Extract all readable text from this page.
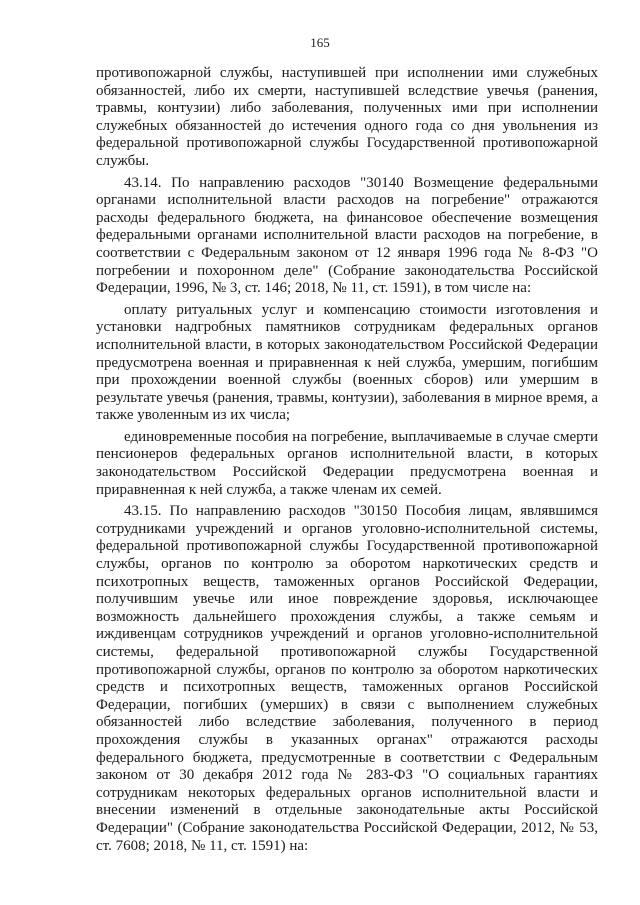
165

противопожарной службы, наступившей при исполнении ими служебных обязанностей, либо их смерти, наступившей вследствие увечья (ранения, травмы, контузии) либо заболевания, полученных ими при исполнении служебных обязанностей до истечения одного года со дня увольнения из федеральной противопожарной службы Государственной противопожарной службы.

43.14. По направлению расходов "30140 Возмещение федеральными органами исполнительной власти расходов на погребение" отражаются расходы федерального бюджета, на финансовое обеспечение возмещения федеральными органами исполнительной власти расходов на погребение, в соответствии с Федеральным законом от 12 января 1996 года № 8-ФЗ "О погребении и похоронном деле" (Собрание законодательства Российской Федерации, 1996, № 3, ст. 146; 2018, № 11, ст. 1591), в том числе на:

оплату ритуальных услуг и компенсацию стоимости изготовления и установки надгробных памятников сотрудникам федеральных органов исполнительной власти, в которых законодательством Российской Федерации предусмотрена военная и приравненная к ней служба, умершим, погибшим при прохождении военной службы (военных сборов) или умершим в результате увечья (ранения, травмы, контузии), заболевания в мирное время, а также уволенным из их числа;

единовременные пособия на погребение, выплачиваемые в случае смерти пенсионеров федеральных органов исполнительной власти, в которых законодательством Российской Федерации предусмотрена военная и приравненная к ней служба, а также членам их семей.

43.15. По направлению расходов "30150 Пособия лицам, являвшимся сотрудниками учреждений и органов уголовно-исполнительной системы, федеральной противопожарной службы Государственной противопожарной службы, органов по контролю за оборотом наркотических средств и психотропных веществ, таможенных органов Российской Федерации, получившим увечье или иное повреждение здоровья, исключающее возможность дальнейшего прохождения службы, а также семьям и иждивенцам сотрудников учреждений и органов уголовно-исполнительной системы, федеральной противопожарной службы Государственной противопожарной службы, органов по контролю за оборотом наркотических средств и психотропных веществ, таможенных органов Российской Федерации, погибших (умерших) в связи с выполнением служебных обязанностей либо вследствие заболевания, полученного в период прохождения службы в указанных органах" отражаются расходы федерального бюджета, предусмотренные в соответствии с Федеральным законом от 30 декабря 2012 года № 283-ФЗ "О социальных гарантиях сотрудникам некоторых федеральных органов исполнительной власти и внесении изменений в отдельные законодательные акты Российской Федерации" (Собрание законодательства Российской Федерации, 2012, № 53, ст. 7608; 2018, № 11, ст. 1591) на:
